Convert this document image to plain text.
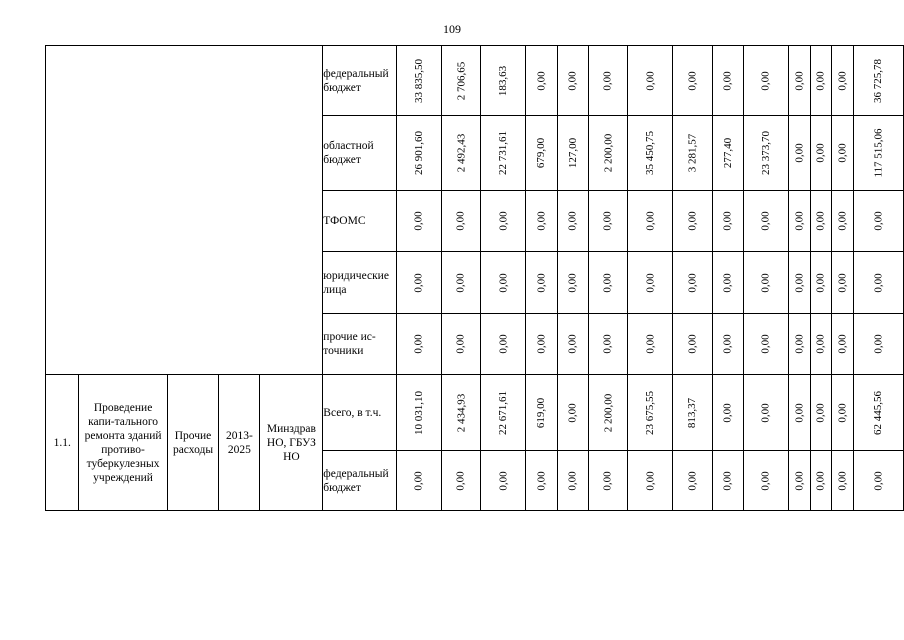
109
					федеральный бюджет	33 835,50	2 706,65	183,63	0,00	0,00	0,00	0,00	0,00	0,00	0,00	0,00	0,00	0,00	36 725,78
					областной бюджет	26 901,60	2 492,43	22 731,61	679,00	127,00	2 200,00	35 450,75	3 281,57	277,40	23 373,70	0,00	0,00	0,00	117 515,06
					ТФОМС	0,00	0,00	0,00	0,00	0,00	0,00	0,00	0,00	0,00	0,00	0,00	0,00	0,00	0,00
					юридические лица	0,00	0,00	0,00	0,00	0,00	0,00	0,00	0,00	0,00	0,00	0,00	0,00	0,00	0,00
					прочие ис-точники	0,00	0,00	0,00	0,00	0,00	0,00	0,00	0,00	0,00	0,00	0,00	0,00	0,00	0,00
1.1.	Проведение капи-тального ремонта зданий противо-туберкулезных учреждений	Прочие расходы	2013-2025	Минздрав НО, ГБУЗ НО	Всего, в т.ч.	10 031,10	2 434,93	22 671,61	619,00	0,00	2 200,00	23 675,55	813,37	0,00	0,00	0,00	0,00	0,00	62 445,56
					федеральный бюджет	0,00	0,00	0,00	0,00	0,00	0,00	0,00	0,00	0,00	0,00	0,00	0,00	0,00	0,00
